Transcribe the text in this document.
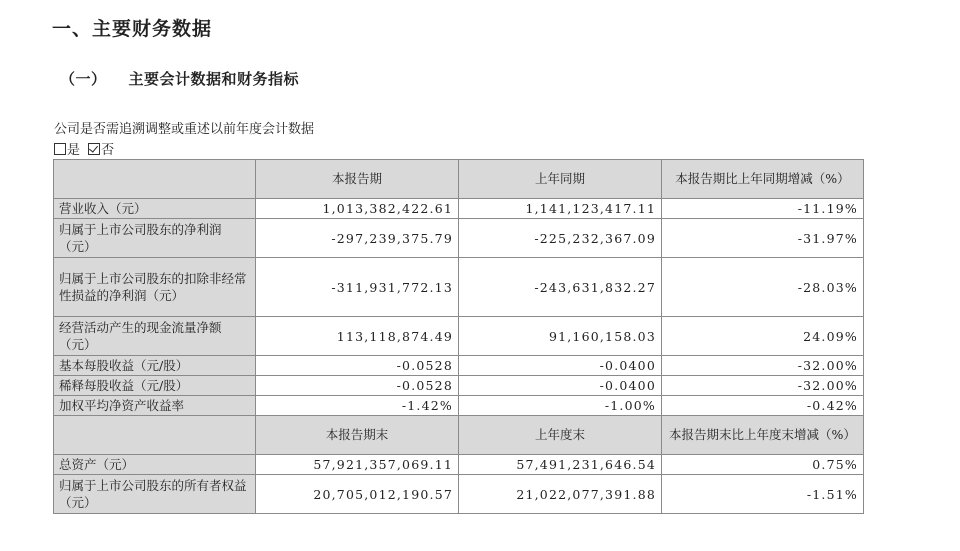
一、主要财务数据
（一） 主要会计数据和财务指标
公司是否需追溯调整或重述以前年度会计数据
是 否
	本报告期	上年同期	本报告期比上年同期增减（%）
营业收入（元）	1,013,382,422.61	1,141,123,417.11	-11.19%
归属于上市公司股东的净利润（元）	-297,239,375.79	-225,232,367.09	-31.97%
归属于上市公司股东的扣除非经常性损益的净利润（元）	-311,931,772.13	-243,631,832.27	-28.03%
经营活动产生的现金流量净额（元）	113,118,874.49	91,160,158.03	24.09%
基本每股收益（元/股）	-0.0528	-0.0400	-32.00%
稀释每股收益（元/股）	-0.0528	-0.0400	-32.00%
加权平均净资产收益率	-1.42%	-1.00%	-0.42%
	本报告期末	上年度末	本报告期末比上年度末增减（%）
总资产（元）	57,921,357,069.11	57,491,231,646.54	0.75%
归属于上市公司股东的所有者权益（元）	20,705,012,190.57	21,022,077,391.88	-1.51%
